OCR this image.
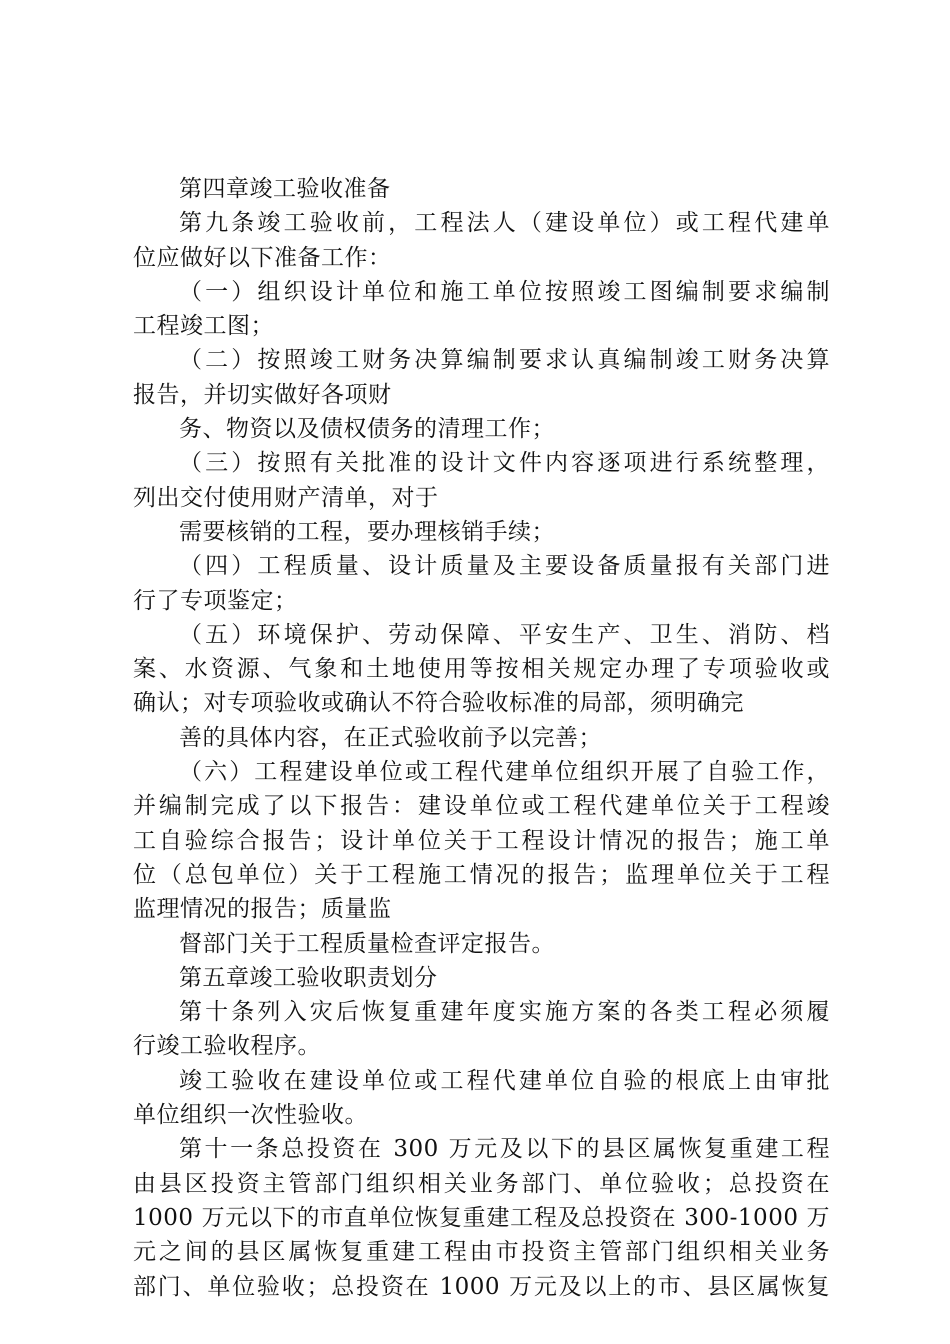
第四章竣工验收准备
第九条竣工验收前，工程法人（建设单位）或工程代建单
位应做好以下准备工作：
（一）组织设计单位和施工单位按照竣工图编制要求编制
工程竣工图；
（二）按照竣工财务决算编制要求认真编制竣工财务决算
报告，并切实做好各项财
务、物资以及债权债务的清理工作；
（三）按照有关批准的设计文件内容逐项进行系统整理，
列出交付使用财产清单，对于
需要核销的工程，要办理核销手续；
（四）工程质量、设计质量及主要设备质量报有关部门进
行了专项鉴定；
（五）环境保护、劳动保障、平安生产、卫生、消防、档
案、水资源、气象和土地使用等按相关规定办理了专项验收或
确认；对专项验收或确认不符合验收标准的局部，须明确完
善的具体内容，在正式验收前予以完善；
（六）工程建设单位或工程代建单位组织开展了自验工作，
并编制完成了以下报告：建设单位或工程代建单位关于工程竣
工自验综合报告；设计单位关于工程设计情况的报告；施工单
位（总包单位）关于工程施工情况的报告；监理单位关于工程
监理情况的报告；质量监
督部门关于工程质量检查评定报告。
第五章竣工验收职责划分
第十条列入灾后恢复重建年度实施方案的各类工程必须履
行竣工验收程序。
竣工验收在建设单位或工程代建单位自验的根底上由审批
单位组织一次性验收。
第十一条总投资在 300 万元及以下的县区属恢复重建工程
由县区投资主管部门组织相关业务部门、单位验收；总投资在
1000 万元以下的市直单位恢复重建工程及总投资在 300-1000 万
元之间的县区属恢复重建工程由市投资主管部门组织相关业务
部门、单位验收；总投资在 1000 万元及以上的市、县区属恢复
